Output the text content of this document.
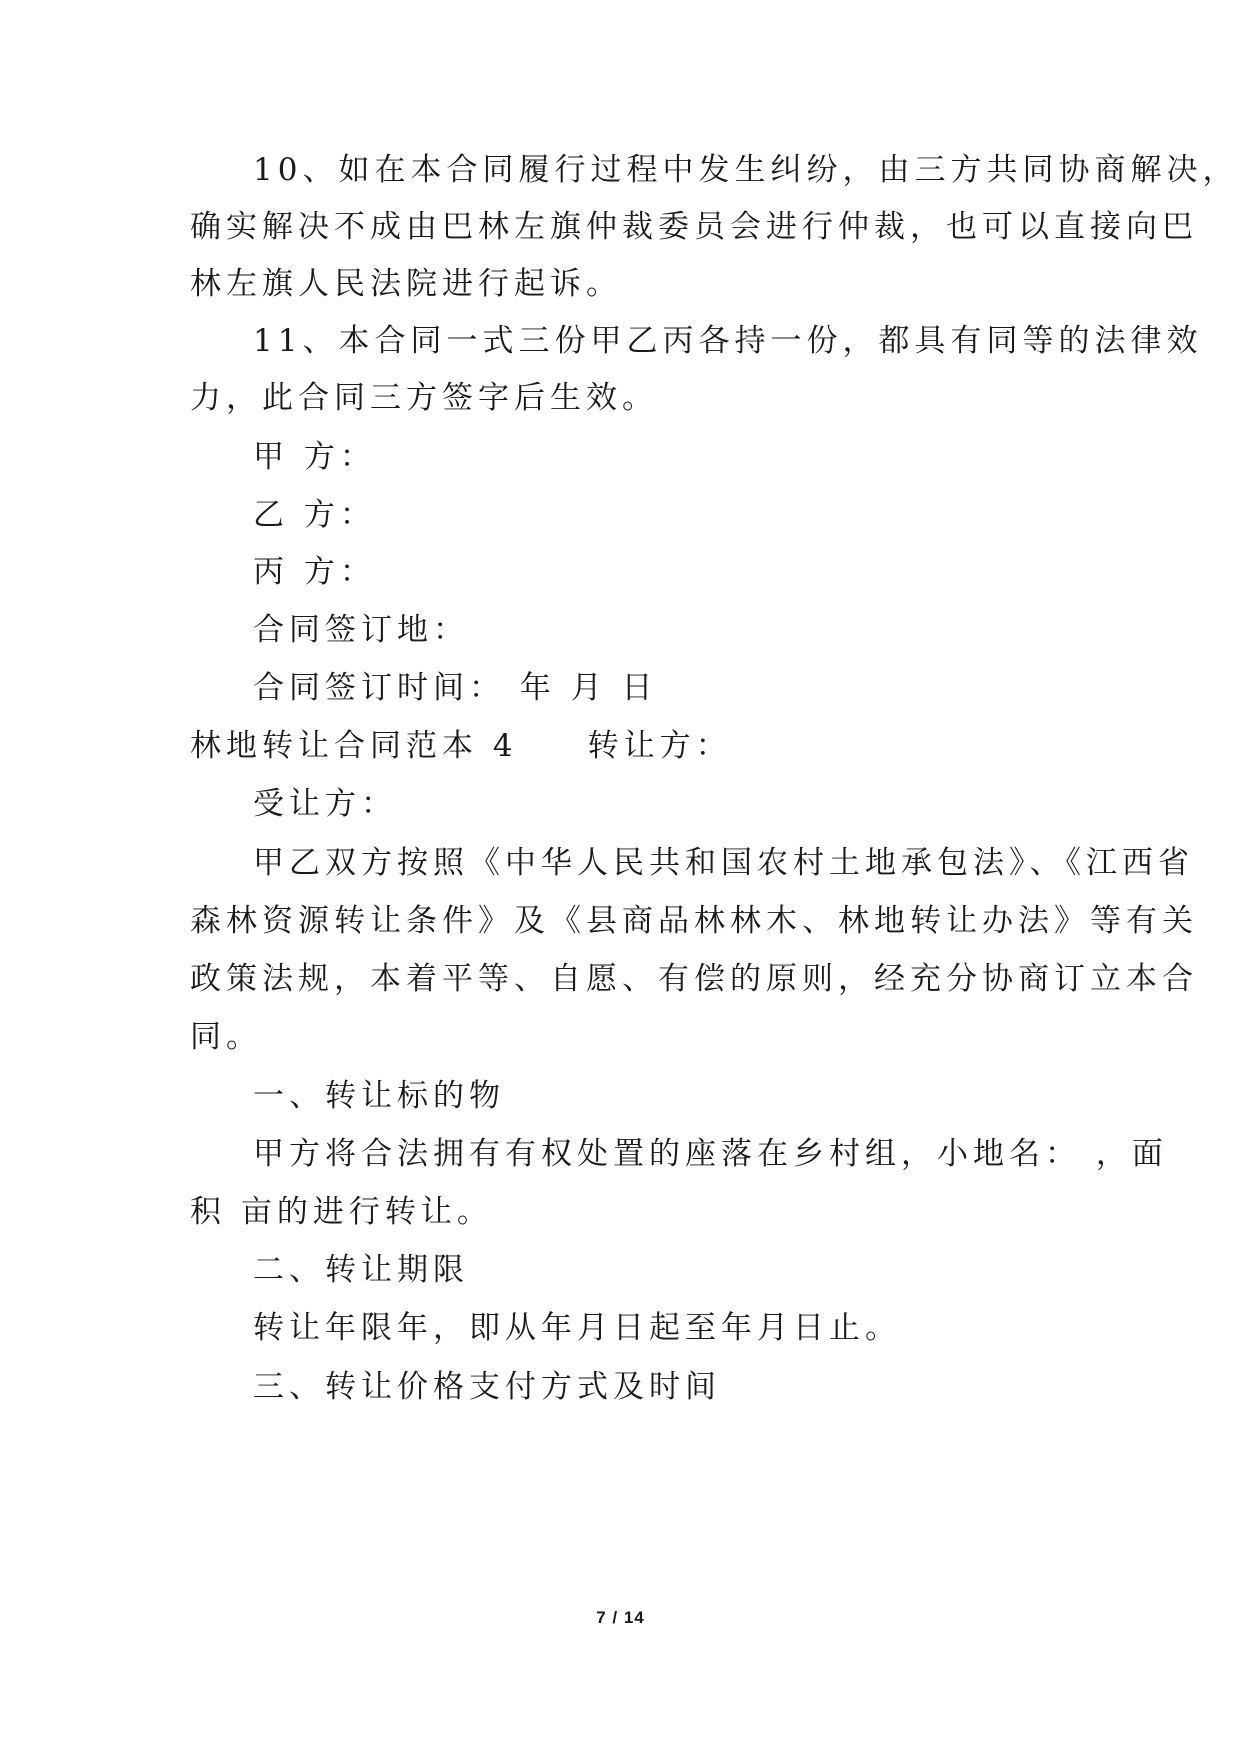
10、如在本合同履行过程中发生纠纷，由三方共同协商解决，
确实解决不成由巴林左旗仲裁委员会进行仲裁，也可以直接向巴
林左旗人民法院进行起诉。
11、本合同一式三份甲乙丙各持一份，都具有同等的法律效
力，此合同三方签字后生效。
甲 方：
乙 方：
丙 方：
合同签订地：
合同签订时间： 年 月 日
林地转让合同范本 4 转让方：
受让方：
甲乙双方按照《中华人民共和国农村土地承包法》、《江西省
森林资源转让条件》及《县商品林林木、林地转让办法》等有关
政策法规，本着平等、自愿、有偿的原则，经充分协商订立本合
同。
一、转让标的物
甲方将合法拥有有权处置的座落在乡村组，小地名： ，面
积 亩的进行转让。
二、转让期限
转让年限年，即从年月日起至年月日止。
三、转让价格支付方式及时间
7 / 14
